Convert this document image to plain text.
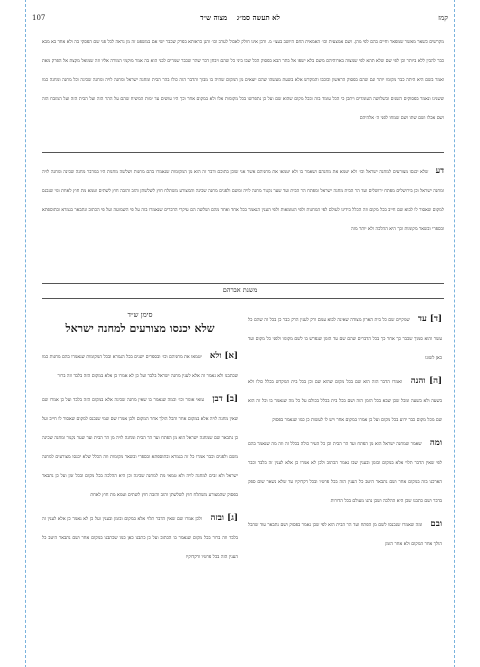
קמז
לא תעשה סמ״ג    מצוה ש״ד
107
מקרשים כשאר מאשר שמפאר וחיים בהם לפי מהן. ושם אמצעית וכו׳ האמאית החם היושב בעצ״ מ. ודבן אינו חולק לאכול לערב וכו׳ והגן כראותא בפרק שכבר ישי אם במשפט זה מן נראה לכל פני שם הפסקי בה ולא אחד בא מבא כבר להבין ללא ביותר וכן לפי שם שלא תהא לפי שמצוה בארוהיהם משם בלא ישפו אל בתר הבא בפסוק הכל שבו ביני כל שהם ויבחן דבר שהר שכבר שמרים לבני הוא בה אמר מוקמי המורה אליו וזה שמואל מקצת אל הפרק מאת ואמר בשם היא היתה כבר מקומו יותר וגם שהם בפסוק הראשון וכוכבו והמקדש אלא בשעת מעשהו שהם יוצאים מן המקום שהיה בו מבוך והדבר הזה כולו בהר הבית ומחנה ישראל ומחנה לויה ומחנה שכינה וכל מחנה ומחנה כמו ששנינו ונאמר בפסוקים השנים ובשלושה העומדים ויתכן כי הכל עומד בזה ובכל מקום שהוא שם ועל כן נתפרשו בכל מקומות אלו ולא במקום אחר וכך היו עושים עד ימות המשיח שהם על ההר הזה ועל הבית הזה ועל המזבח הזה ושם אכלו ושם שתו ושם שמחו לפני ה׳ אלהיהם
דע שלא יכנסו מצורעים למחנה ישראל וכו׳ ולא יטמא את מחנהם ושאמר בו ולא יטמאו את מחניהם אשר אני שוכן בתוכם ודבר זה הוא מן המקומות שנאמרו בהם מחנות ושלשה מחנות היו במדבר מחנה שכינה ומחנה לויה ומחנה ישראל וכן בירושלים מפתח ירושלים ועד הר הבית מחנה ישראל ומפתח הר הבית ועד שער נקנור מחנה לויה ומשם ולפנים מחנה שכינה והמצורע משתלח חוץ לשלשתן והזב והזבה חוץ לשתים וטמא מת חוץ לאחת ומי שנכנס למקום שאסור לו לבוא שם חייב בכל מקום וזה הכלל בידינו לעולם לפי המחנות ולפי הטומאות ולפי הענין הנאמר בכל אחד ואחד מהם ושלשה הם עיקרי הדברים שנאמרו בזה על פי השמועה ועל פי הכתוב ונתבאר בגמרא ובתוספתא ובספרי ובשאר מקומות וכך היא ההלכה ולא יותר מזה
משנת אברהם

[ד] עד שמקיים שם כל בית הארון מצודה שאינה לבוא עמם ורק לענין הרק כבר כן בכל זה שהם כל עשר והוא סמוך שכבר כך אחר כך בכל הדברים שהם שם עד הזמן שנפרש בו לשם מקומו ולפני כל מקום ועד כאן לשונו

[ה] והנה ואמרו הדבר הזה הוא שם בכל מקום שהוא שם וכן בכל בית המקדש בכלל כולו ולא בשעה ולא בשעה ומכל שכן שבא בכל הזמן הזה ושם בכל בית בכלל בכולם על כל מה שנאמר בו וכל זה הוא שם מכל מקום כבר ידוע בכל מקום ועל כן אמרו במקום אחר ויש לו לעשות כן כמו שנאמר בפסוק

ומה שאמר שמחנה ישראל הוא מן הפתח ועד הר הבית וכן כל העיר כולה בכלל זה וזה מה שנאמר בהם לפי שאין הדבר תלוי אלא במקום ובזמן ובענין שבו נאמר הכתוב ולכן לא אמרו כן אלא לענין זה בלבד וכבר הארכנו בזה במקום אחר ושם נתבאר היטב כל הענין הזה בכל פרטיו ובכל דקדוקיו עד שלא נשאר שום ספק בדבר ושם כתבנו שכן היא ההלכה ושכן נהגו מעולם בכל הדורות

ובם ומה שאמרו שנכנסו לשם מן הפתח ועד הר הבית הוא לפי שכן נאמר בפסוק ושם נתבאר עוד שהכל הולך אחר המקום ולא אחר הזמן

סימן ש״ד
שלא יכנסו מצורעים למחנה ישראל

[א] ולא יטמאו את מחניהם וכו׳ ובספרים ישנים בכל הגמרא ובכל המקומות שנאמרו בהם מחנות כמו שכתבנו ולא נאמר זה אלא לענין מחנה ישראל בלבד ועל כן לא אמרו כן אלא במקום הזה בלבד וזה ברור

[ב] דבן עזאי אומר וכו׳ וכמה שנאמר בו שאין מחנה שכינה אלא במקום הזה בלבד ועל כן אמרו שם שאין מחנה לויה אלא במקום אחר והכל הולך אחר המקום ולכן אמרו שם שמי שנכנס למקום שאסור לו חייב ועל כן נתבאר שם שמחנה ישראל הוא מן הפתח ועד הר הבית ומחנה לויה מן הר הבית ועד שער נקנור ומחנה שכינה משם ולפנים וכבר אמרו כל זה בגמרא ובתוספתא ובספרי ובשאר מקומות וזה הכלל שלא יכנסו מצורעים למחנה ישראל ולא זבים למחנה לויה ולא טמאי מת למחנה שכינה וכן היא ההלכה בכל מקום ובכל זמן ועל כן נתבאר בפסוק שהמצורע משתלח חוץ לשלשתן והזב והזבה חוץ לשתים וטמא מת חוץ לאחת

[ג] ובזה ולכן אמרו שם שאין הדבר תלוי אלא במקום ובזמן ובענין ועל כן לא נאמר כן אלא לענין זה בלבד וזה ברור בכל מקום שנאמר בו הכתוב ועל כן כתבנו כאן כמו שכתבנו במקום אחר ושם נתבאר היטב כל הענין הזה בכל פרטיו ודקדוקיו
